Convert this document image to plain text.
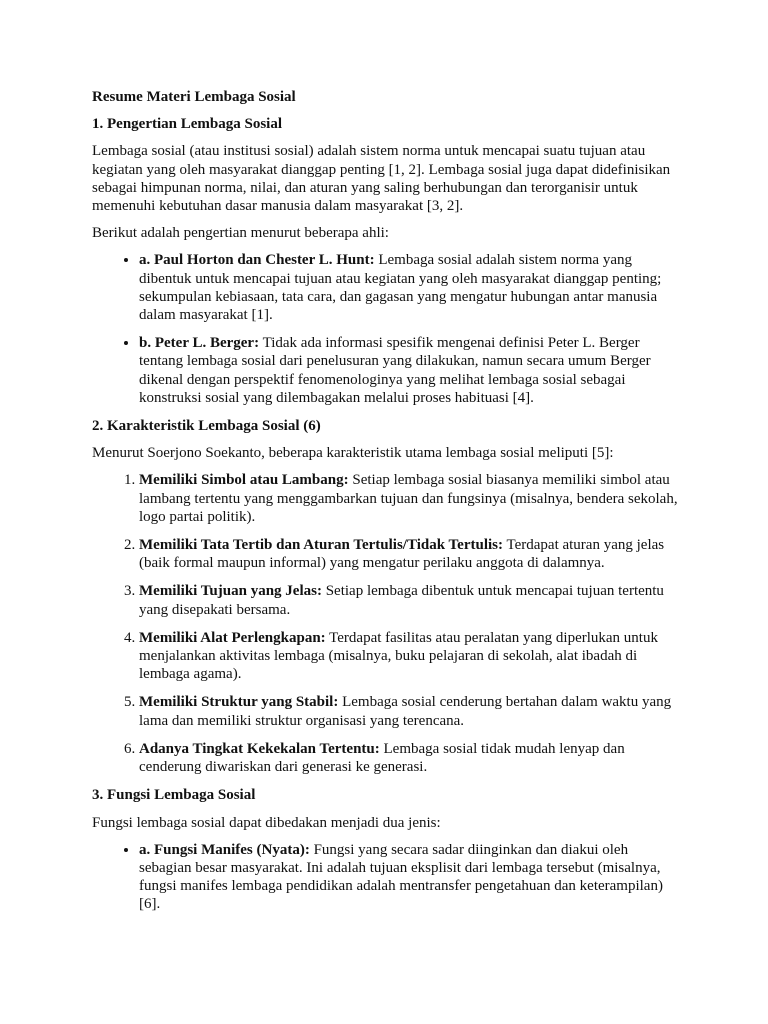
Resume Materi Lembaga Sosial
1. Pengertian Lembaga Sosial

Lembaga sosial (atau institusi sosial) adalah sistem norma untuk mencapai suatu tujuan atau kegiatan yang oleh masyarakat dianggap penting [1, 2]. Lembaga sosial juga dapat didefinisikan sebagai himpunan norma, nilai, dan aturan yang saling berhubungan dan terorganisir untuk memenuhi kebutuhan dasar manusia dalam masyarakat [3, 2].

Berikut adalah pengertian menurut beberapa ahli:

• a. Paul Horton dan Chester L. Hunt: Lembaga sosial adalah sistem norma yang dibentuk untuk mencapai tujuan atau kegiatan yang oleh masyarakat dianggap penting; sekumpulan kebiasaan, tata cara, dan gagasan yang mengatur hubungan antar manusia dalam masyarakat [1].
• b. Peter L. Berger: Tidak ada informasi spesifik mengenai definisi Peter L. Berger tentang lembaga sosial dari penelusuran yang dilakukan, namun secara umum Berger dikenal dengan perspektif fenomenologinya yang melihat lembaga sosial sebagai konstruksi sosial yang dilembagakan melalui proses habituasi [4].
2. Karakteristik Lembaga Sosial (6)

Menurut Soerjono Soekanto, beberapa karakteristik utama lembaga sosial meliputi [5]:

1. Memiliki Simbol atau Lambang: Setiap lembaga sosial biasanya memiliki simbol atau lambang tertentu yang menggambarkan tujuan dan fungsinya (misalnya, bendera sekolah, logo partai politik).
2. Memiliki Tata Tertib dan Aturan Tertulis/Tidak Tertulis: Terdapat aturan yang jelas (baik formal maupun informal) yang mengatur perilaku anggota di dalamnya.
3. Memiliki Tujuan yang Jelas: Setiap lembaga dibentuk untuk mencapai tujuan tertentu yang disepakati bersama.
4. Memiliki Alat Perlengkapan: Terdapat fasilitas atau peralatan yang diperlukan untuk menjalankan aktivitas lembaga (misalnya, buku pelajaran di sekolah, alat ibadah di lembaga agama).
5. Memiliki Struktur yang Stabil: Lembaga sosial cenderung bertahan dalam waktu yang lama dan memiliki struktur organisasi yang terencana.
6. Adanya Tingkat Kekekalan Tertentu: Lembaga sosial tidak mudah lenyap dan cenderung diwariskan dari generasi ke generasi.
3. Fungsi Lembaga Sosial

Fungsi lembaga sosial dapat dibedakan menjadi dua jenis:

• a. Fungsi Manifes (Nyata): Fungsi yang secara sadar diinginkan dan diakui oleh sebagian besar masyarakat. Ini adalah tujuan eksplisit dari lembaga tersebut (misalnya, fungsi manifes lembaga pendidikan adalah mentransfer pengetahuan dan keterampilan) [6].
